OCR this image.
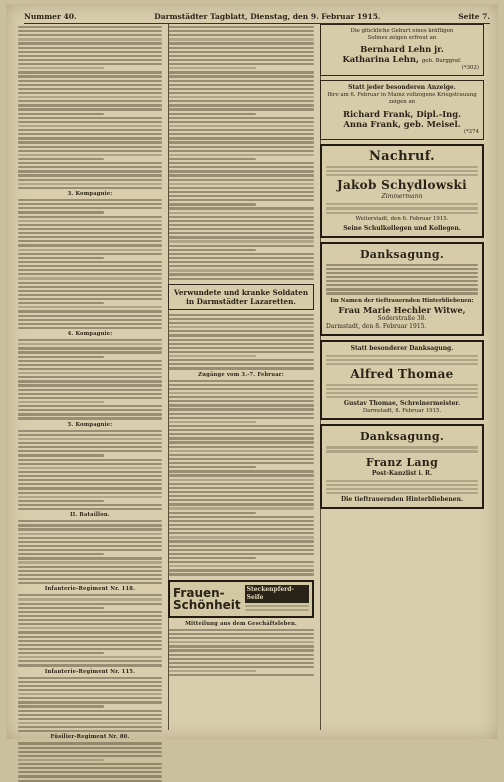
Nummer 40.	Darmstädter Tagblatt, Dienstag, den 9. Februar 1915.	Seite 7.
3. Kompagnie:
4. Kompagnie:
5. Kompagnie:
II. Bataillon.
Infanterie-Regiment Nr. 118.
Infanterie-Regiment Nr. 115.
Füsilier-Regiment Nr. 80.
Verwundete und kranke Soldaten in Darmstädter Lazaretten.
Zugänge vom 3.-7. Februar:
Frauen-
Schönheit
Steckenpferd-Seife
Mitteilung aus dem Geschäftsleben.
Die glückliche Geburt eines kräftigen
Sohnes zeigen erfreut an
Bernhard Lehn jr.
Katharina Lehn, geb. Burggraf.
(*302)
Statt jeder besonderen Anzeige.
Ihre am 6. Februar in Mainz vollzogene Kriegstrauung zeigen an
Richard Frank, Dipl.-Ing.
Anna Frank, geb. Meisel.
(*274
Nachruf.
Jakob Schydlowski
Zimmermann
Weiterstadt, den 6. Februar 1915.
Seine Schulkollegen und Kollegen.
Danksagung.
Im Namen der tieftrauernden Hinterbliebenen:
Frau Marie Hechler Witwe,
Soderstraße 38.
Darmstadt, den 8. Februar 1915.
Statt besonderer Danksagung.
Alfred Thomae
Gustav Thomae, Schreinermeister.
Darmstadt, 8. Februar 1915.
Danksagung.
Franz Lang
Post-Kanzlist i. R.
Die tieftrauernden Hinterbliebenen.
